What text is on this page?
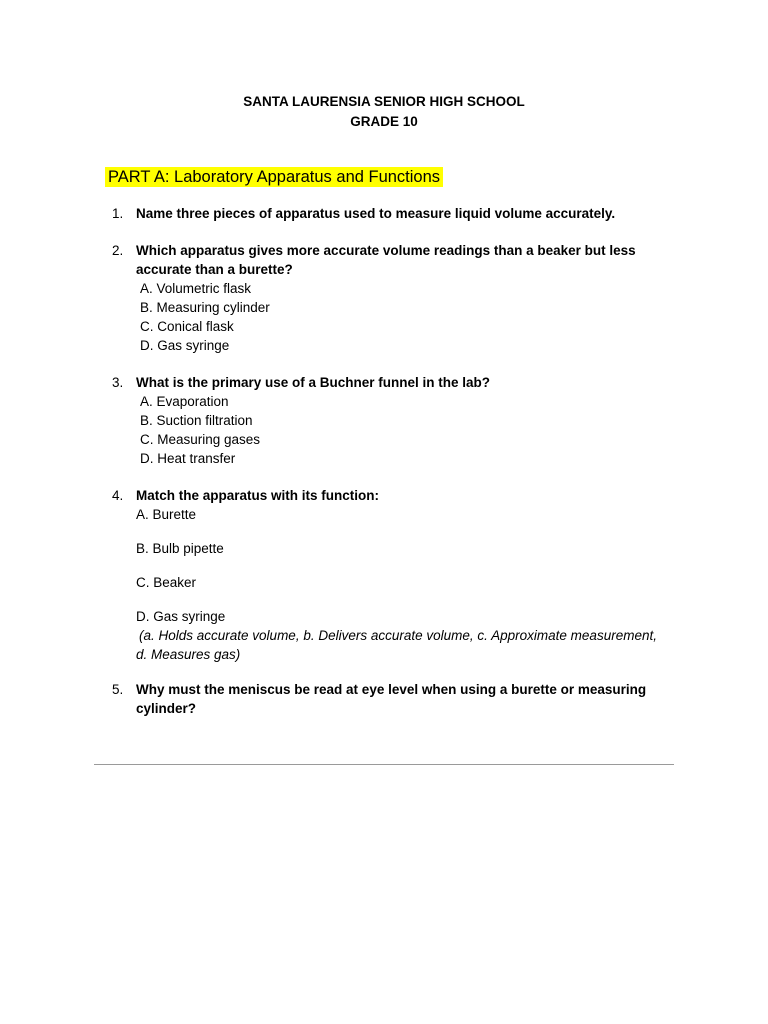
SANTA LAURENSIA SENIOR HIGH SCHOOL
GRADE 10
PART A: Laboratory Apparatus and Functions
1. Name three pieces of apparatus used to measure liquid volume accurately.
2. Which apparatus gives more accurate volume readings than a beaker but less
accurate than a burette?
A. Volumetric flask
B. Measuring cylinder
C. Conical flask
D. Gas syringe
3. What is the primary use of a Buchner funnel in the lab?
A. Evaporation
B. Suction filtration
C. Measuring gases
D. Heat transfer
4. Match the apparatus with its function:
A. Burette
B. Bulb pipette
C. Beaker
D. Gas syringe
(a. Holds accurate volume, b. Delivers accurate volume, c. Approximate measurement,
d. Measures gas)
5. Why must the meniscus be read at eye level when using a burette or measuring
cylinder?
